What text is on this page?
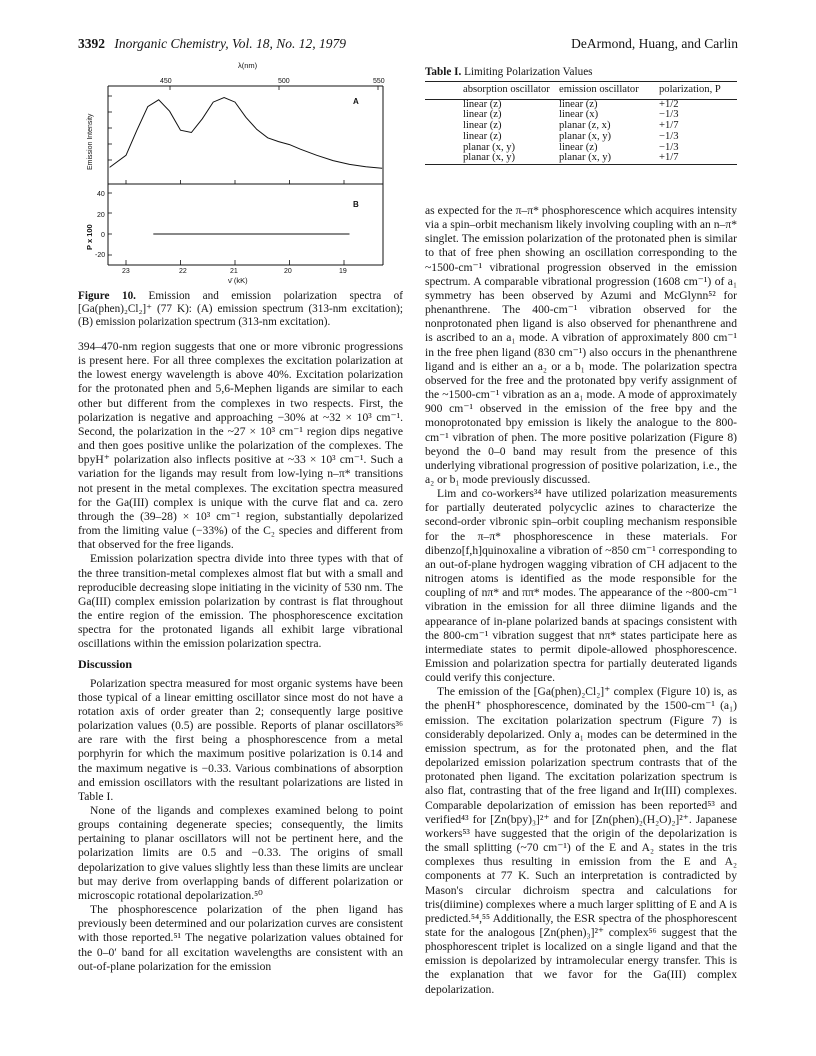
3392 Inorganic Chemistry, Vol. 18, No. 12, 1979	DeArmond, Huang, and Carlin
λ(nm)
450	500	550
A
B
Emission Intensity
P x 100
40
20
0
-20
23	22	21	20	19
ν̄ (kK)
Figure 10. Emission and emission polarization spectra of [Ga(phen)₂Cl₂]⁺ (77 K): (A) emission spectrum (313-nm excitation); (B) emission polarization spectrum (313-nm excitation).
Table I. Limiting Polarization Values
absorption oscillator	emission oscillator	polarization, P
linear (z)	linear (z)	+1/2
linear (z)	linear (x)	−1/3
linear (z)	planar (z, x)	+1/7
linear (z)	planar (x, y)	−1/3
planar (x, y)	linear (z)	−1/3
planar (x, y)	planar (x, y)	+1/7

394–470-nm region suggests that one or more vibronic progressions is present here. For all three complexes the excitation polarization at the lowest energy wavelength is above 40%. Excitation polarization for the protonated phen and 5,6-Mephen ligands are similar to each other but different from the complexes in two respects. First, the polarization is negative and approaching −30% at ~32 × 10³ cm⁻¹. Second, the polarization in the ~27 × 10³ cm⁻¹ region dips negative and then goes positive unlike the polarization of the complexes. The bpyH⁺ polarization also inflects positive at ~33 × 10³ cm⁻¹. Such a variation for the ligands may result from low-lying n–π* transitions not present in the metal complexes. The excitation spectra measured for the Ga(III) complex is unique with the curve flat and ca. zero through the (39–28) × 10³ cm⁻¹ region, substantially depolarized from the limiting value (−33%) of the C₂ species and different from that observed for the free ligands.

Emission polarization spectra divide into three types with that of the three transition-metal complexes almost flat but with a small and reproducible decreasing slope initiating in the vicinity of 530 nm. The Ga(III) complex emission polarization by contrast is flat throughout the entire region of the emission. The phosphorescence excitation spectra for the protonated ligands all exhibit large vibrational oscillations within the emission polarization spectra.

Discussion

Polarization spectra measured for most organic systems have been those typical of a linear emitting oscillator since most do not have a rotation axis of order greater than 2; consequently large positive polarization values (0.5) are possible. Reports of planar oscillators³⁶ are rare with the first being a phosphorescence from a metal porphyrin for which the maximum positive polarization is 0.14 and the maximum negative is −0.33. Various combinations of absorption and emission oscillators with the resultant polarizations are listed in Table I.

None of the ligands and complexes examined belong to point groups containing degenerate species; consequently, the limits pertaining to planar oscillators will not be pertinent here, and the polarization limits are 0.5 and −0.33. The origins of small depolarization to give values slightly less than these limits are unclear but may derive from overlapping bands of different polarization or microscopic rotational depolarization.⁵⁰

The phosphorescence polarization of the phen ligand has previously been determined and our polarization curves are consistent with those reported.⁵¹ The negative polarization values obtained for the 0–0′ band for all excitation wavelengths are consistent with an out-of-plane polarization for the emission

as expected for the π–π* phosphorescence which acquires intensity via a spin–orbit mechanism likely involving coupling with an n–π* singlet. The emission polarization of the protonated phen is similar to that of free phen showing an oscillation corresponding to the ~1500-cm⁻¹ vibrational progression observed in the emission spectrum. A comparable vibrational progression (1608 cm⁻¹) of a₁ symmetry has been observed by Azumi and McGlynn⁵² for phenanthrene. The 400-cm⁻¹ vibration observed for the nonprotonated phen ligand is also observed for phenanthrene and is ascribed to an a₁ mode. A vibration of approximately 800 cm⁻¹ in the free phen ligand (830 cm⁻¹) also occurs in the phenanthrene ligand and is either an a₂ or a b₁ mode. The polarization spectra observed for the free and the protonated bpy verify assignment of the ~1500-cm⁻¹ vibration as an a₁ mode. A mode of approximately 900 cm⁻¹ observed in the emission of the free bpy and the monoprotonated bpy emission is likely the analogue to the 800-cm⁻¹ vibration of phen. The more positive polarization (Figure 8) beyond the 0–0 band may result from the presence of this underlying vibrational progression of positive polarization, i.e., the a₂ or b₁ mode previously discussed.

Lim and co-workers³⁴ have utilized polarization measurements for partially deuterated polycyclic azines to characterize the second-order vibronic spin–orbit coupling mechanism responsible for the π–π* phosphorescence in these materials. For dibenzo[f,h]quinoxaline a vibration of ~850 cm⁻¹ corresponding to an out-of-plane hydrogen wagging vibration of CH adjacent to the nitrogen atoms is identified as the mode responsible for the coupling of nπ* and ππ* modes. The appearance of the ~800-cm⁻¹ vibration in the emission for all three diimine ligands and the appearance of in-plane polarized bands at spacings consistent with the 800-cm⁻¹ vibration suggest that nπ* states participate here as intermediate states to permit dipole-allowed phosphorescence. Emission and polarization spectra for partially deuterated ligands could verify this conjecture.

The emission of the [Ga(phen)₂Cl₂]⁺ complex (Figure 10) is, as the phenH⁺ phosphorescence, dominated by the 1500-cm⁻¹ (a₁) emission. The excitation polarization spectrum (Figure 7) is considerably depolarized. Only a₁ modes can be determined in the emission spectrum, as for the protonated phen, and the flat depolarized emission polarization spectrum contrasts that of the protonated phen ligand. The excitation polarization spectrum is also flat, contrasting that of the free ligand and Ir(III) complexes. Comparable depolarization of emission has been reported⁵³ and verified⁴³ for [Zn(bpy)₃]²⁺ and for [Zn(phen)₂(H₂O)₂]²⁺. Japanese workers⁵³ have suggested that the origin of the depolarization is the small splitting (~70 cm⁻¹) of the E and A₂ states in the tris complexes thus resulting in emission from the E and A₂ components at 77 K. Such an interpretation is contradicted by Mason's circular dichroism spectra and calculations for tris(diimine) complexes where a much larger splitting of E and A is predicted.⁵⁴,⁵⁵ Additionally, the ESR spectra of the phosphorescent state for the analogous [Zn(phen)₃]²⁺ complex⁵⁶ suggest that the phosphorescent triplet is localized on a single ligand and that the emission is depolarized by intramolecular energy transfer. This is the explanation that we favor for the Ga(III) complex depolarization.
